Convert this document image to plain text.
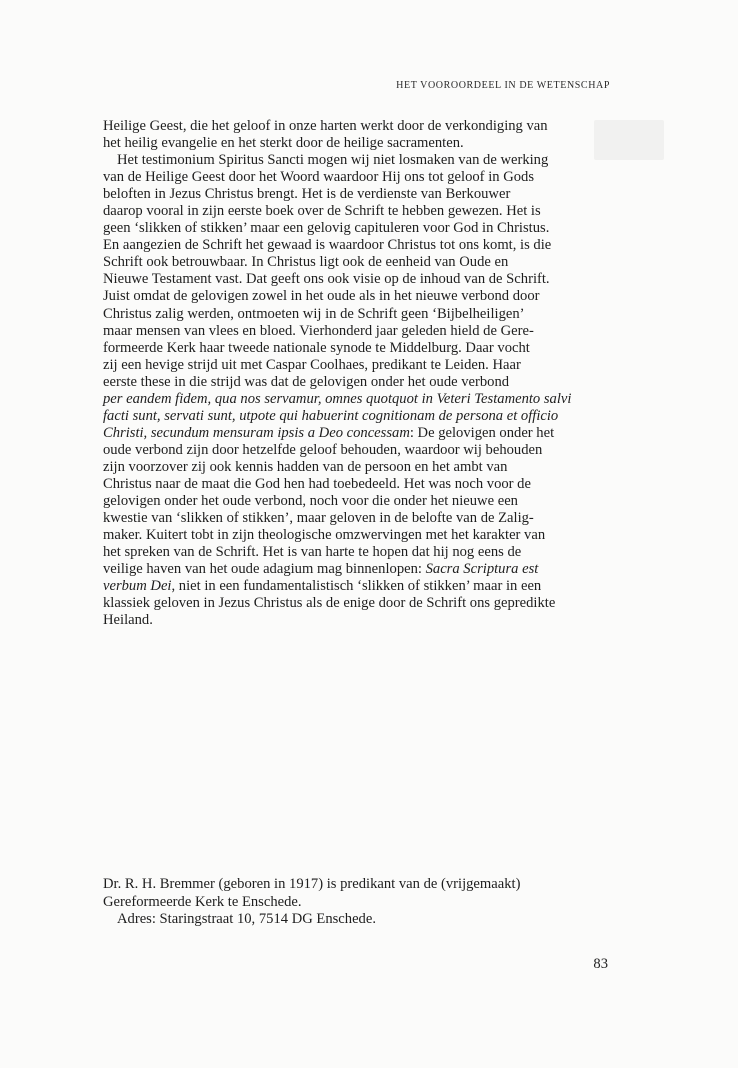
HET VOOROORDEEL IN DE WETENSCHAP
Heilige Geest, die het geloof in onze harten werkt door de verkondiging van
het heilig evangelie en het sterkt door de heilige sacramenten.
Het testimonium Spiritus Sancti mogen wij niet losmaken van de werking
van de Heilige Geest door het Woord waardoor Hij ons tot geloof in Gods
beloften in Jezus Christus brengt. Het is de verdienste van Berkouwer
daarop vooral in zijn eerste boek over de Schrift te hebben gewezen. Het is
geen ‘slikken of stikken’ maar een gelovig capituleren voor God in Christus.
En aangezien de Schrift het gewaad is waardoor Christus tot ons komt, is die
Schrift ook betrouwbaar. In Christus ligt ook de eenheid van Oude en
Nieuwe Testament vast. Dat geeft ons ook visie op de inhoud van de Schrift.
Juist omdat de gelovigen zowel in het oude als in het nieuwe verbond door
Christus zalig werden, ontmoeten wij in de Schrift geen ‘Bijbelheiligen’
maar mensen van vlees en bloed. Vierhonderd jaar geleden hield de Gere-
formeerde Kerk haar tweede nationale synode te Middelburg. Daar vocht
zij een hevige strijd uit met Caspar Coolhaes, predikant te Leiden. Haar
eerste these in die strijd was dat de gelovigen onder het oude verbond
per eandem fidem, qua nos servamur, omnes quotquot in Veteri Testamento salvi
facti sunt, servati sunt, utpote qui habuerint cognitionam de persona et officio
Christi, secundum mensuram ipsis a Deo concessam: De gelovigen onder het
oude verbond zijn door hetzelfde geloof behouden, waardoor wij behouden
zijn voorzover zij ook kennis hadden van de persoon en het ambt van
Christus naar de maat die God hen had toebedeeld. Het was noch voor de
gelovigen onder het oude verbond, noch voor die onder het nieuwe een
kwestie van ‘slikken of stikken’, maar geloven in de belofte van de Zalig-
maker. Kuitert tobt in zijn theologische omzwervingen met het karakter van
het spreken van de Schrift. Het is van harte te hopen dat hij nog eens de
veilige haven van het oude adagium mag binnenlopen: Sacra Scriptura est
verbum Dei, niet in een fundamentalistisch ‘slikken of stikken’ maar in een
klassiek geloven in Jezus Christus als de enige door de Schrift ons gepredikte
Heiland.
Dr. R. H. Bremmer (geboren in 1917) is predikant van de (vrijgemaakt)
Gereformeerde Kerk te Enschede.
Adres: Staringstraat 10, 7514 DG Enschede.
83
